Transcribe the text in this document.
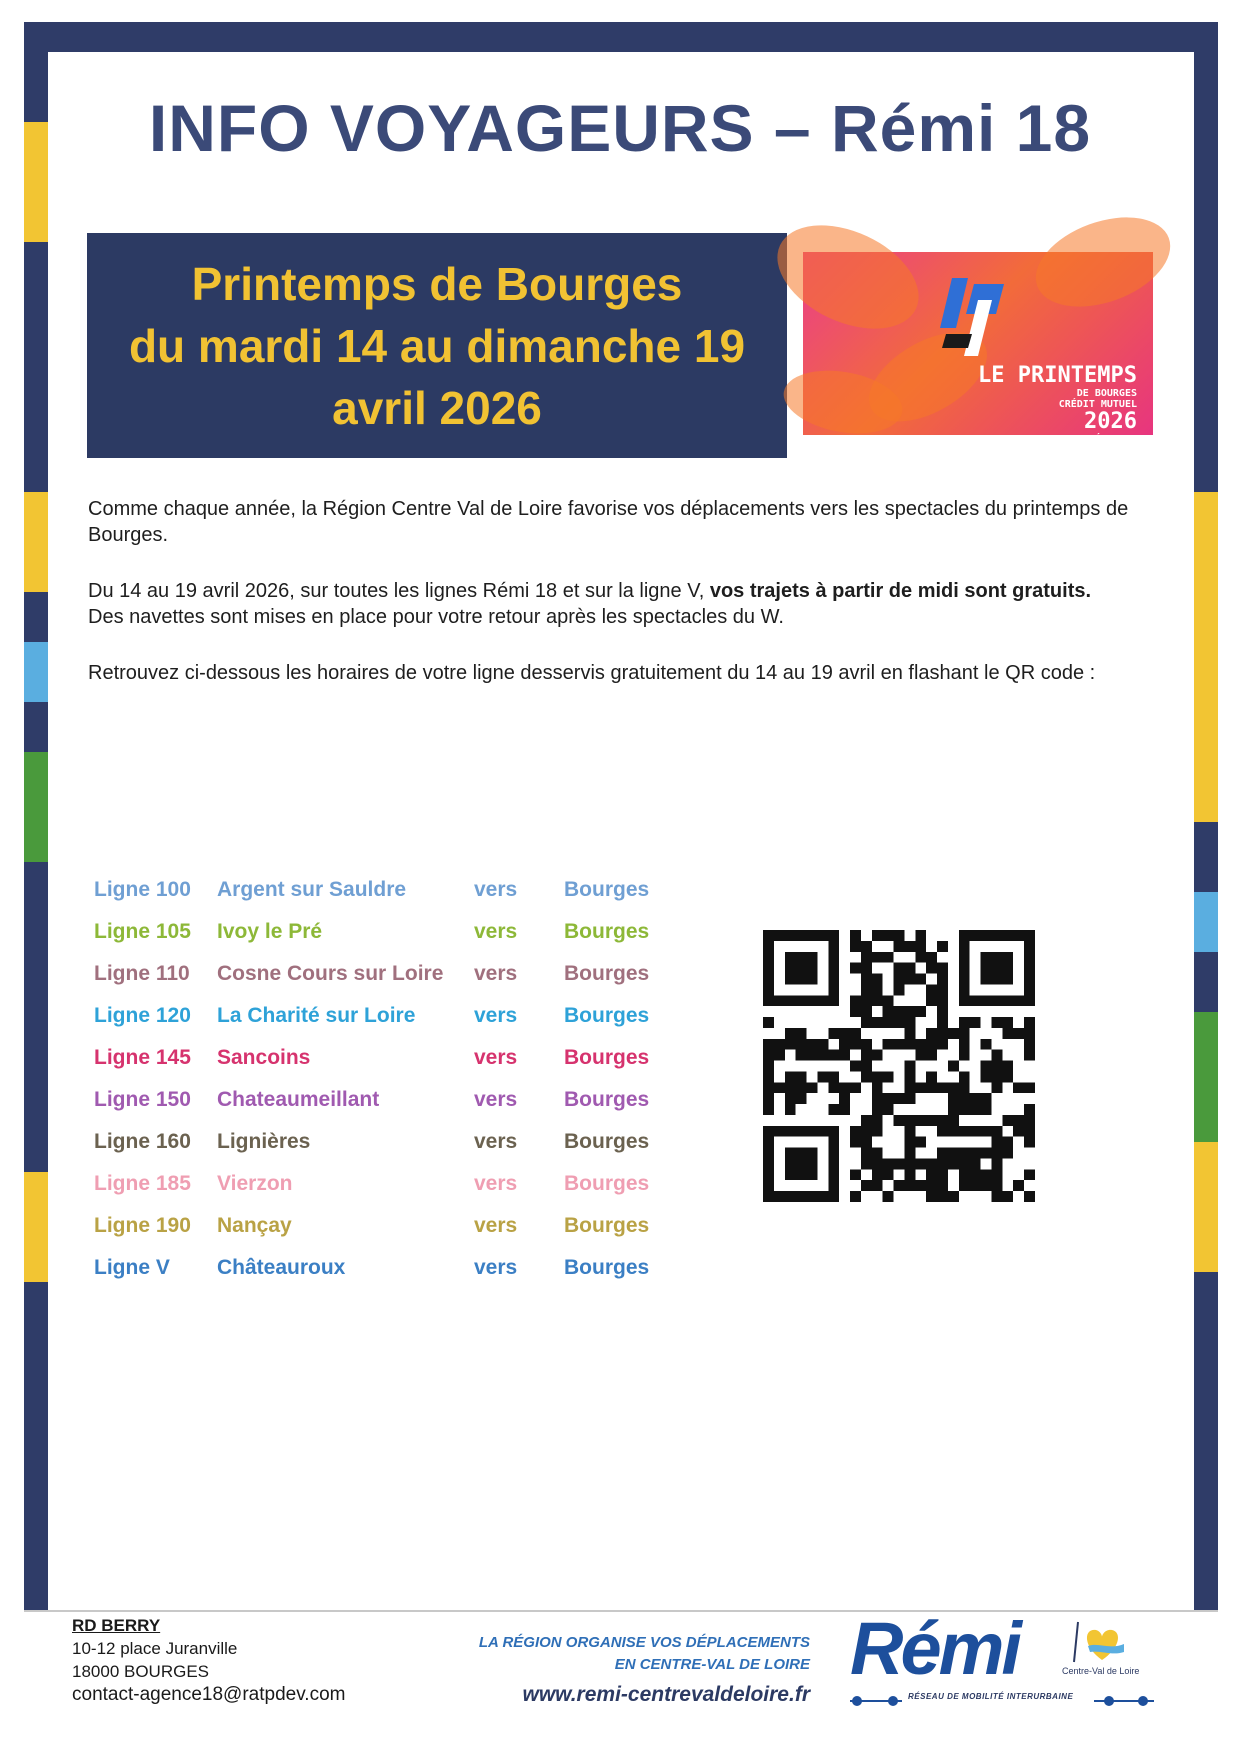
INFO VOYAGEURS – Rémi 18
Printemps de Bourges
du mardi 14 au dimanche 19
avril 2026
LE PRINTEMPS
DE BOURGES
CRÉDIT MUTUEL
2026
14→19 AVRIL · 50e ÉDITION

Comme chaque année, la Région Centre Val de Loire favorise vos déplacements vers les spectacles du printemps de Bourges.

Du 14 au 19 avril 2026, sur toutes les lignes Rémi 18 et sur la ligne V, vos trajets à partir de midi sont gratuits.
Des navettes sont mises en place pour votre retour après les spectacles du W.

Retrouvez ci-dessous les horaires de votre ligne desservis gratuitement du 14 au 19 avril en flashant le QR code :

Ligne 100 Argent sur Sauldre	vers Bourges
Ligne 105 Ivoy le Pré	vers Bourges
Ligne 110 Cosne Cours sur Loire vers Bourges
Ligne 120 La Charité sur Loire	vers Bourges
Ligne 145 Sancoins	vers Bourges
Ligne 150 Chateaumeillant	vers Bourges
Ligne 160 Lignières	vers Bourges
Ligne 185 Vierzon	vers Bourges
Ligne 190 Nançay	vers Bourges
Ligne V Châteauroux	vers Bourges
RD BERRY
10-12 place Juranville
18000 BOURGES
contact-agence18@ratpdev.com
LA RÉGION ORGANISE VOS DÉPLACEMENTS
EN CENTRE-VAL DE LOIRE
www.remi-centrevaldeloire.fr
Rémi	Centre-Val de Loire
RÉSEAU DE MOBILITÉ INTERURBAINE
